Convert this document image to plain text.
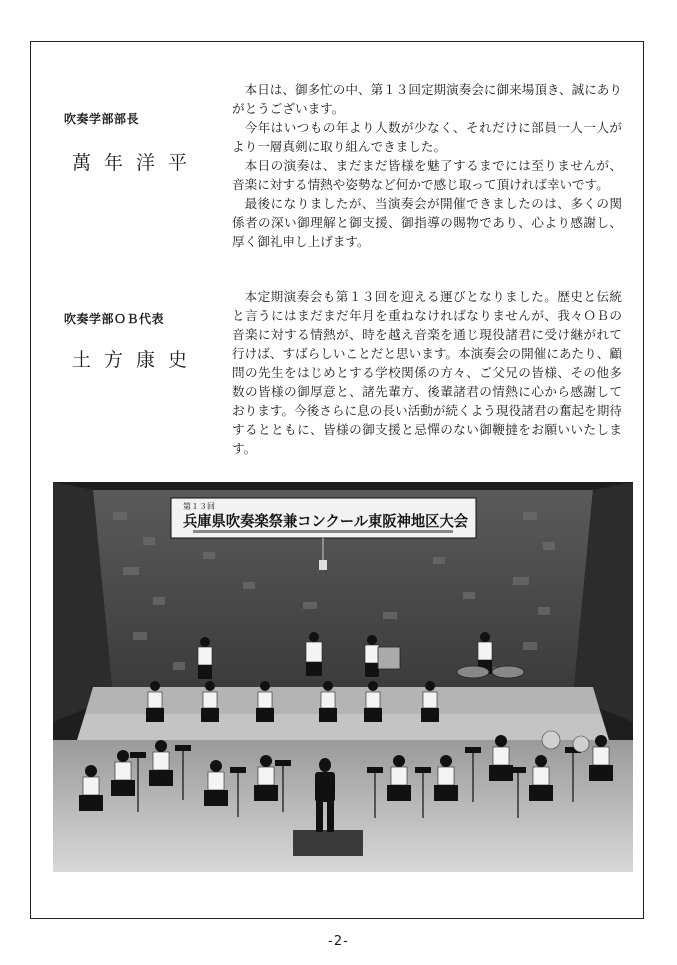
吹奏学部部長
萬年洋平

本日は、御多忙の中、第１３回定期演奏会に御来場頂き、誠にありがとうございます。

今年はいつもの年より人数が少なく、それだけに部員一人一人がより一層真剣に取り組んできました。

本日の演奏は、まだまだ皆様を魅了するまでには至りませんが、音楽に対する情熱や姿勢など何かで感じ取って頂ければ幸いです。

最後になりましたが、当演奏会が開催できましたのは、多くの関係者の深い御理解と御支援、御指導の賜物であり、心より感謝し、厚く御礼申し上げます。

吹奏学部ＯＢ代表
土方康史

本定期演奏会も第１３回を迎える運びとなりました。歴史と伝統と言うにはまだまだ年月を重ねなければなりませんが、我々ＯＢの音楽に対する情熱が、時を越え音楽を通じ現役諸君に受け継がれて行けば、すばらしいことだと思います。本演奏会の開催にあたり、顧問の先生をはじめとする学校関係の方々、ご父兄の皆様、その他多数の皆様の御厚意と、諸先輩方、後輩諸君の情熱に心から感謝しております。今後さらに息の長い活動が続くよう現役諸君の奮起を期待するとともに、皆様の御支援と忌憚のない御鞭撻をお願いいたします。

第１３回
兵庫県吹奏楽祭兼コンクール東阪神地区大会
-2-
